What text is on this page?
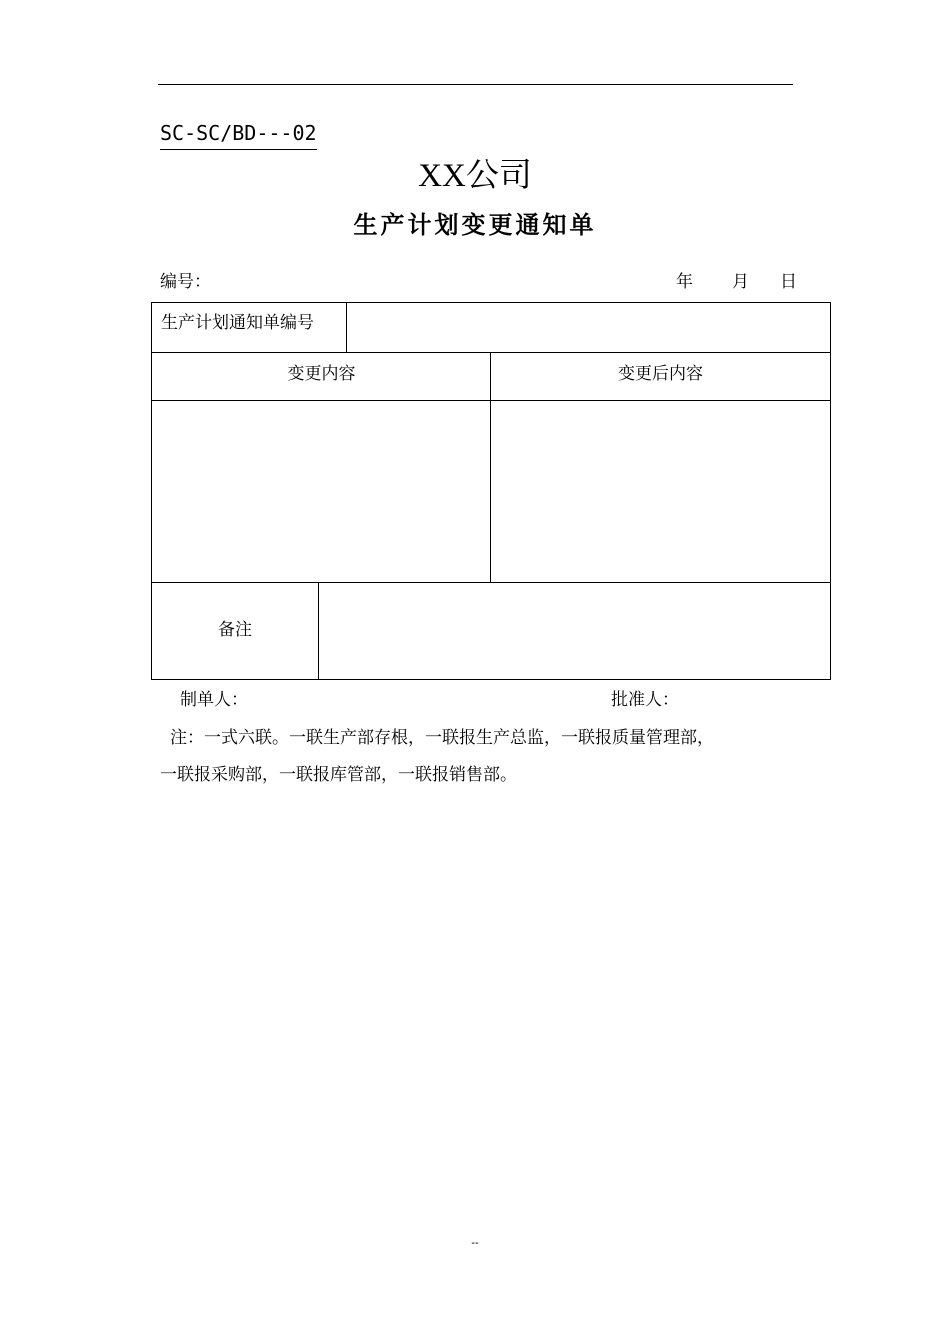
SC-SC/BD---02
XX公司
生产计划变更通知单
编号：	年 月 日
生产计划通知单编号
变更内容	变更后内容
备注
制单人：	批准人：
注：一式六联。一联生产部存根，一联报生产总监，一联报质量管理部，
一联报采购部，一联报库管部，一联报销售部。
--
